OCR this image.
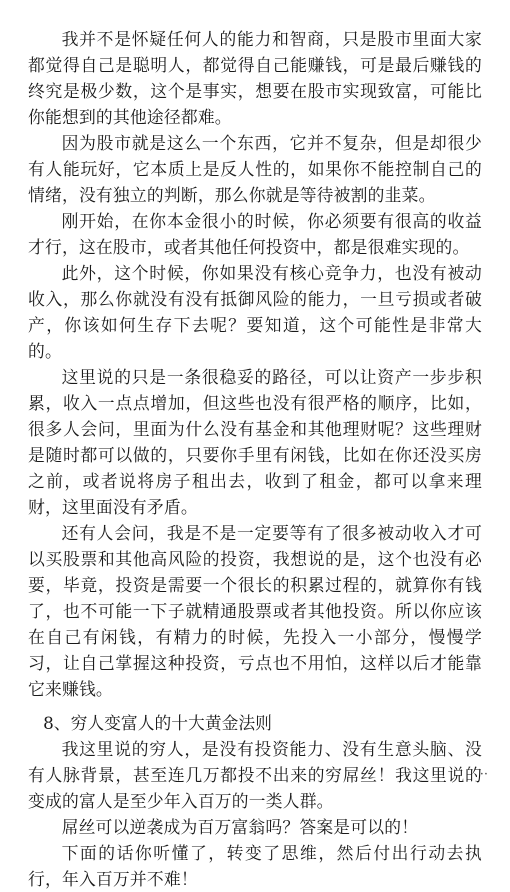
我并不是怀疑任何人的能力和智商，只是股市里面大家都觉得自己是聪明人，都觉得自己能赚钱，可是最后赚钱的终究是极少数，这个是事实，想要在股市实现致富，可能比你能想到的其他途径都难。

因为股市就是这么一个东西，它并不复杂，但是却很少有人能玩好，它本质上是反人性的，如果你不能控制自己的情绪，没有独立的判断，那么你就是等待被割的韭菜。

刚开始，在你本金很小的时候，你必须要有很高的收益才行，这在股市，或者其他任何投资中，都是很难实现的。

此外，这个时候，你如果没有核心竞争力，也没有被动收入，那么你就没有没有抵御风险的能力，一旦亏损或者破产，你该如何生存下去呢？要知道，这个可能性是非常大的。

这里说的只是一条很稳妥的路径，可以让资产一步步积累，收入一点点增加，但这些也没有很严格的顺序，比如，很多人会问，里面为什么没有基金和其他理财呢？这些理财是随时都可以做的，只要你手里有闲钱，比如在你还没买房之前，或者说将房子租出去，收到了租金，都可以拿来理财，这里面没有矛盾。

还有人会问，我是不是一定要等有了很多被动收入才可以买股票和其他高风险的投资，我想说的是，这个也没有必要，毕竟，投资是需要一个很长的积累过程的，就算你有钱了，也不可能一下子就精通股票或者其他投资。所以你应该在自己有闲钱，有精力的时候，先投入一小部分，慢慢学习，让自己掌握这种投资，亏点也不用怕，这样以后才能靠它来赚钱。

8、穷人变富人的十大黄金法则

我这里说的穷人，是没有投资能力、没有生意头脑、没有人脉背景，甚至连几万都投不出来的穷屌丝！我这里说的变成的富人是至少年入百万的一类人群。

屌丝可以逆袭成为百万富翁吗？答案是可以的！

下面的话你听懂了，转变了思维，然后付出行动去执行，年入百万并不难！

··
